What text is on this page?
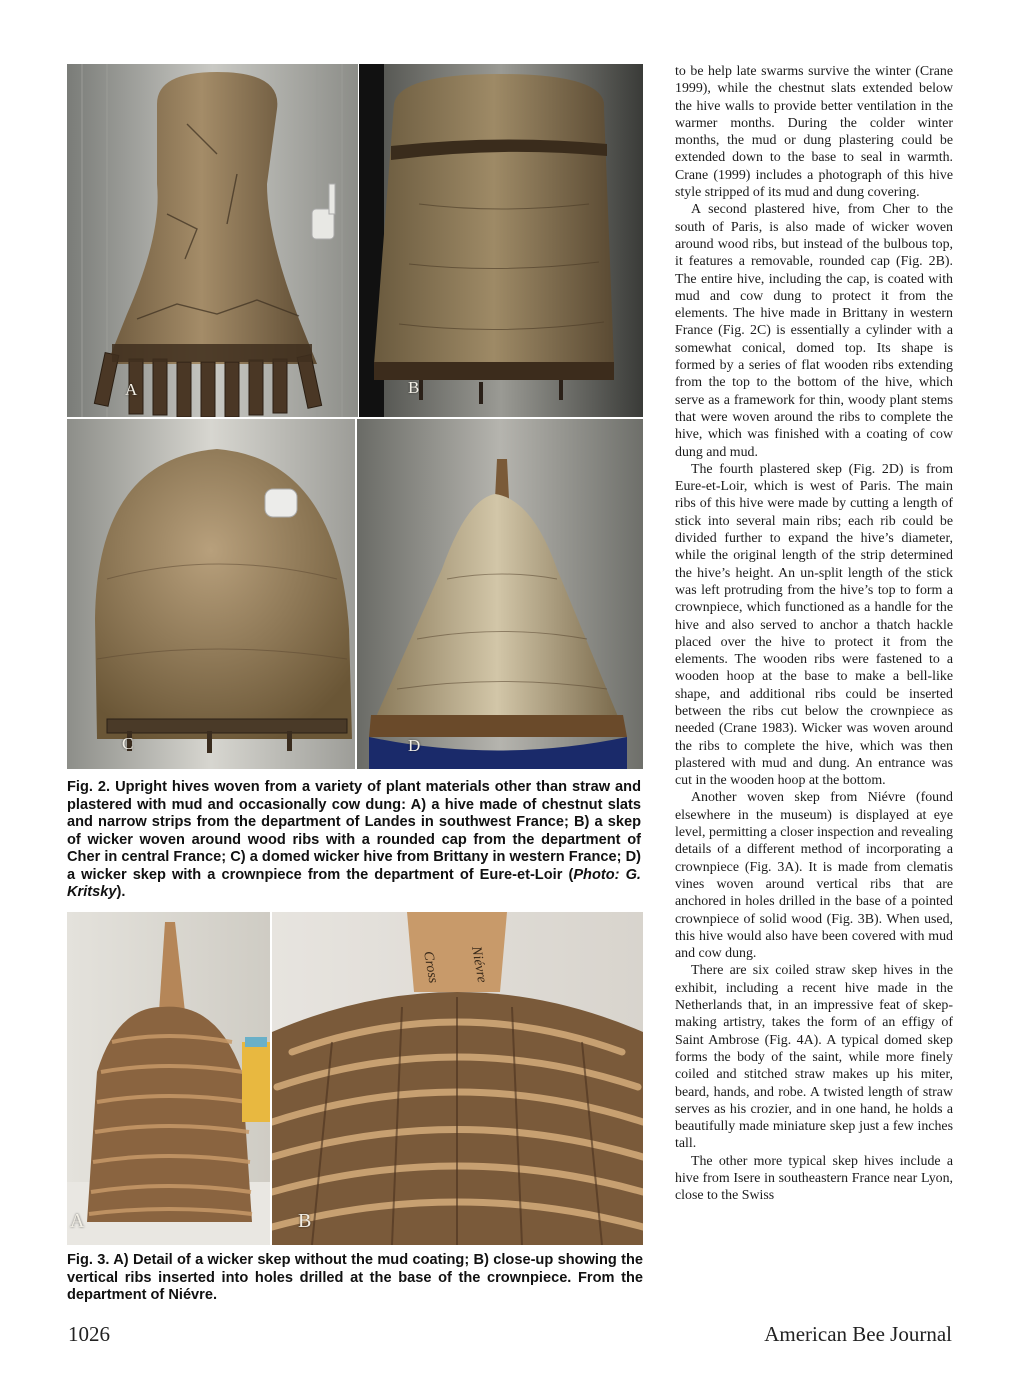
A	B
C	D
Fig. 2. Upright hives woven from a variety of plant materials other than straw and plastered with mud and occasionally cow dung: A) a hive made of chestnut slats and narrow strips from the department of Landes in southwest France; B) a skep of wicker woven around wood ribs with a rounded cap from the department of Cher in central France; C) a domed wicker hive from Brittany in western France; D) a wicker skep with a crownpiece from the department of Eure-et-Loir (Photo: G. Kritsky).
A
Cross Niévre
B
Fig. 3. A) Detail of a wicker skep without the mud coating; B) close-up showing the vertical ribs inserted into holes drilled at the base of the crownpiece. From the department of Niévre.

to be help late swarms survive the winter (Crane 1999), while the chestnut slats extended below the hive walls to provide better ventilation in the warmer months. During the colder winter months, the mud or dung plastering could be extended down to the base to seal in warmth. Crane (1999) includes a photograph of this hive style stripped of its mud and dung covering.

A second plastered hive, from Cher to the south of Paris, is also made of wicker woven around wood ribs, but instead of the bulbous top, it features a removable, rounded cap (Fig. 2B). The entire hive, including the cap, is coated with mud and cow dung to protect it from the elements. The hive made in Brittany in western France (Fig. 2C) is essentially a cylinder with a somewhat conical, domed top. Its shape is formed by a series of flat wooden ribs extending from the top to the bottom of the hive, which serve as a framework for thin, woody plant stems that were woven around the ribs to complete the hive, which was finished with a coating of cow dung and mud.

The fourth plastered skep (Fig. 2D) is from Eure-et-Loir, which is west of Paris. The main ribs of this hive were made by cutting a length of stick into several main ribs; each rib could be divided further to expand the hive’s diameter, while the original length of the strip determined the hive’s height. An un-split length of the stick was left protruding from the hive’s top to form a crownpiece, which functioned as a handle for the hive and also served to anchor a thatch hackle placed over the hive to protect it from the elements. The wooden ribs were fastened to a wooden hoop at the base to make a bell-like shape, and additional ribs could be inserted between the ribs cut below the crownpiece as needed (Crane 1983). Wicker was woven around the ribs to complete the hive, which was then plastered with mud and dung. An entrance was cut in the wooden hoop at the bottom.

Another woven skep from Niévre (found elsewhere in the museum) is displayed at eye level, permitting a closer inspection and revealing details of a different method of incorporating a crownpiece (Fig. 3A). It is made from clematis vines woven around vertical ribs that are anchored in holes drilled in the base of a pointed crownpiece of solid wood (Fig. 3B). When used, this hive would also have been covered with mud and cow dung.

There are six coiled straw skep hives in the exhibit, including a recent hive made in the Netherlands that, in an impressive feat of skep-making artistry, takes the form of an effigy of Saint Ambrose (Fig. 4A). A typical domed skep forms the body of the saint, while more finely coiled and stitched straw makes up his miter, beard, hands, and robe. A twisted length of straw serves as his crozier, and in one hand, he holds a beautifully made miniature skep just a few inches tall.

The other more typical skep hives include a hive from Isere in southeastern France near Lyon, close to the Swiss

1026	American Bee Journal
